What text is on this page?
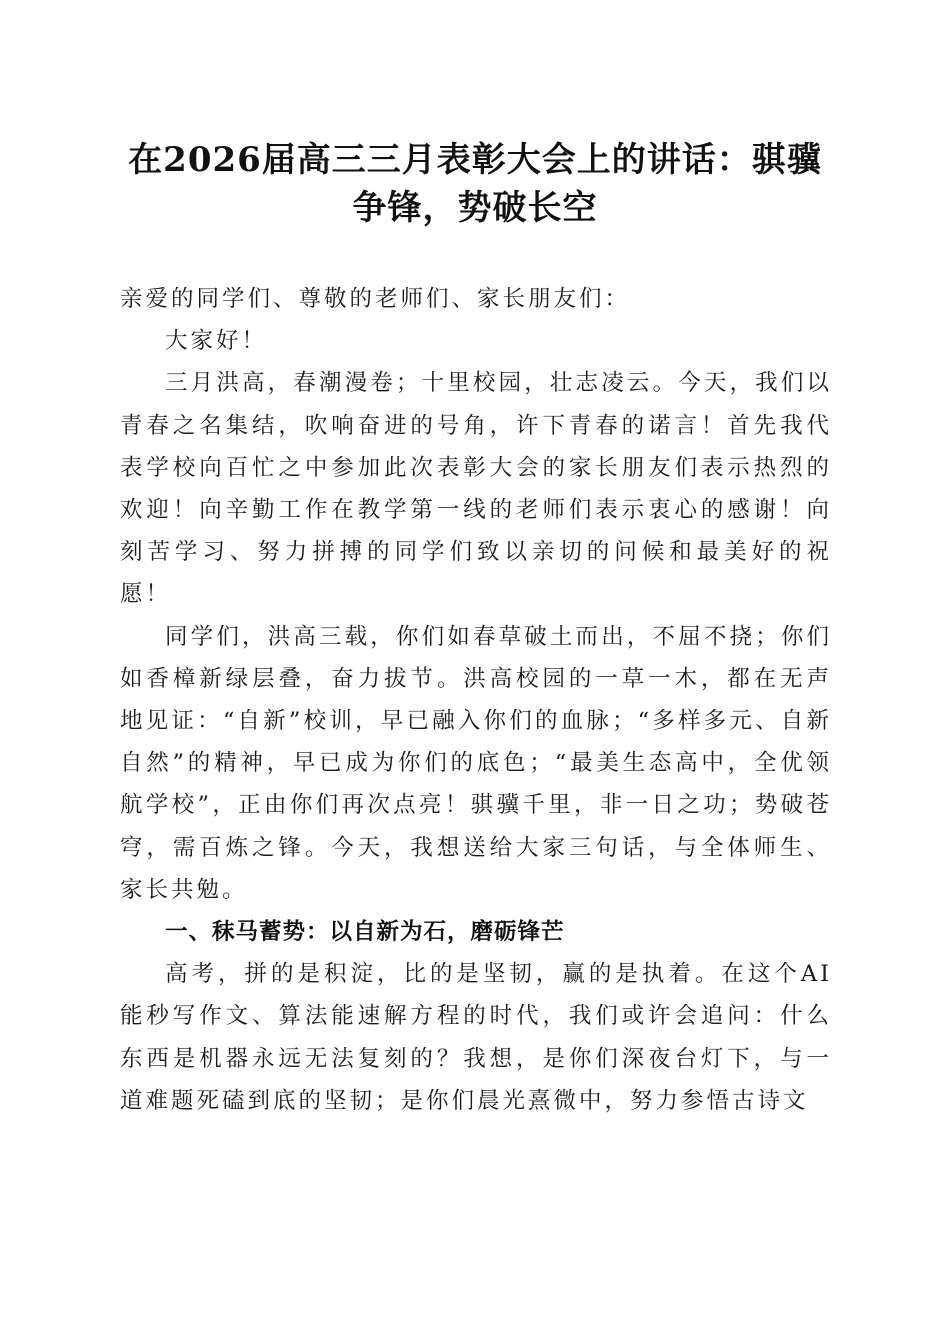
在2026届高三三月表彰大会上的讲话：骐骥争锋，势破长空

亲爱的同学们、尊敬的老师们、家长朋友们：

大家好！

三月洪高，春潮漫卷；十里校园，壮志凌云。今天，我们以青春之名集结，吹响奋进的号角，许下青春的诺言！首先我代表学校向百忙之中参加此次表彰大会的家长朋友们表示热烈的欢迎！向辛勤工作在教学第一线的老师们表示衷心的感谢！向刻苦学习、努力拼搏的同学们致以亲切的问候和最美好的祝愿！

同学们，洪高三载，你们如春草破土而出，不屈不挠；你们如香樟新绿层叠，奋力拔节。洪高校园的一草一木，都在无声地见证：“自新”校训，早已融入你们的血脉；“多样多元、自新自然”的精神，早已成为你们的底色；“最美生态高中，全优领航学校”，正由你们再次点亮！骐骥千里，非一日之功；势破苍穹，需百炼之锋。今天，我想送给大家三句话，与全体师生、家长共勉。

一、秣马蓄势：以自新为石，磨砺锋芒

高考，拼的是积淀，比的是坚韧，赢的是执着。在这个AI能秒写作文、算法能速解方程的时代，我们或许会追问：什么东西是机器永远无法复刻的？我想，是你们深夜台灯下，与一道难题死磕到底的坚韧；是你们晨光熹微中，努力参悟古诗文
